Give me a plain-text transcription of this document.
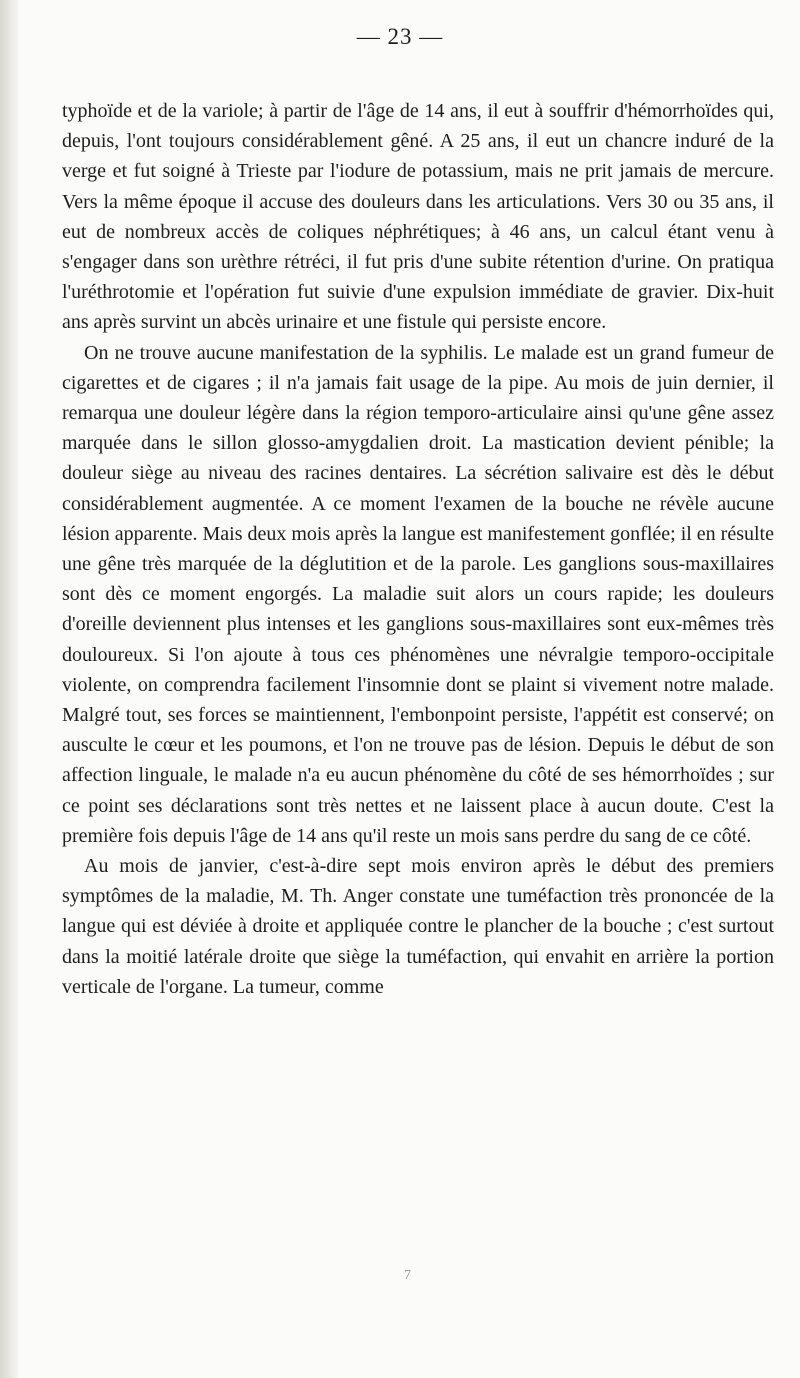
— 23 —

typhoïde et de la variole; à partir de l'âge de 14 ans, il eut à souffrir d'hémorrhoïdes qui, depuis, l'ont toujours considérablement gêné. A 25 ans, il eut un chancre induré de la verge et fut soigné à Trieste par l'iodure de potassium, mais ne prit jamais de mercure. Vers la même époque il accuse des douleurs dans les articulations. Vers 30 ou 35 ans, il eut de nombreux accès de coliques néphrétiques; à 46 ans, un calcul étant venu à s'engager dans son urèthre rétréci, il fut pris d'une subite rétention d'urine. On pratiqua l'uréthrotomie et l'opération fut suivie d'une expulsion immédiate de gravier. Dix-huit ans après survint un abcès urinaire et une fistule qui persiste encore.

On ne trouve aucune manifestation de la syphilis. Le malade est un grand fumeur de cigarettes et de cigares ; il n'a jamais fait usage de la pipe. Au mois de juin dernier, il remarqua une douleur légère dans la région temporo-articulaire ainsi qu'une gêne assez marquée dans le sillon glosso-amygdalien droit. La mastication devient pénible; la douleur siège au niveau des racines dentaires. La sécrétion salivaire est dès le début considérablement augmentée. A ce moment l'examen de la bouche ne révèle aucune lésion apparente. Mais deux mois après la langue est manifestement gonflée; il en résulte une gêne très marquée de la déglutition et de la parole. Les ganglions sous-maxillaires sont dès ce moment engorgés. La maladie suit alors un cours rapide; les douleurs d'oreille deviennent plus intenses et les ganglions sous-maxillaires sont eux-mêmes très douloureux. Si l'on ajoute à tous ces phénomènes une névralgie temporo-occipitale violente, on comprendra facilement l'insomnie dont se plaint si vivement notre malade. Malgré tout, ses forces se maintiennent, l'embonpoint persiste, l'appétit est conservé; on ausculte le cœur et les poumons, et l'on ne trouve pas de lésion. Depuis le début de son affection linguale, le malade n'a eu aucun phénomène du côté de ses hémorrhoïdes ; sur ce point ses déclarations sont très nettes et ne laissent place à aucun doute. C'est la première fois depuis l'âge de 14 ans qu'il reste un mois sans perdre du sang de ce côté.

Au mois de janvier, c'est-à-dire sept mois environ après le début des premiers symptômes de la maladie, M. Th. Anger constate une tuméfaction très prononcée de la langue qui est déviée à droite et appliquée contre le plancher de la bouche ; c'est surtout dans la moitié latérale droite que siège la tuméfaction, qui envahit en arrière la portion verticale de l'organe. La tumeur, comme

7
